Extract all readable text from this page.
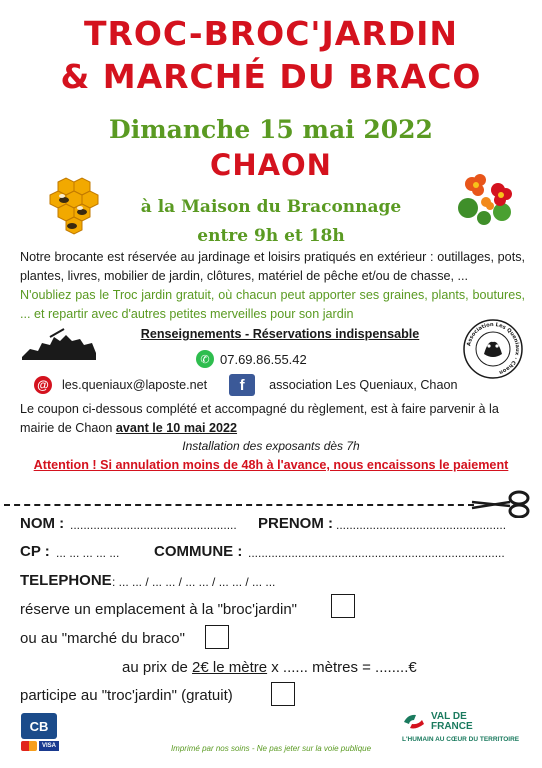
TROC-BROC'JARDIN
& MARCHÉ DU BRACO
Dimanche 15 mai 2022
CHAON
à la Maison du Braconnage
entre 9h et 18h

Notre brocante est réservée au jardinage et loisirs pratiqués en extérieur : outillages, pots, plantes, livres, mobilier de jardin, clôtures, matériel de pêche et/ou de chasse, ...

N'oubliez pas le Troc jardin gratuit, où chacun peut apporter ses graines, plants, boutures, ... et repartir avec d'autres petites merveilles pour son jardin

Renseignements - Réservations indispensable
✆ 07.69.86.55.42
@ les.queniaux@laposte.net	f	association Les Queniaux, Chaon
Association Les Queniaux · Chaon

Le coupon ci-dessous complété et accompagné du règlement, est à faire parvenir à la mairie de Chaon avant le 10 mai 2022

Installation des exposants dès 7h
Attention ! Si annulation moins de 48h à l'avance, nous encaissons le paiement
NOM : .................................................. PRENOM : ...................................................
CP : ... ... ... ... ... COMMUNE : .............................................................................
TELEPHONE : ... ... / ... ... / ... ... / ... ... / ... ...
réserve un emplacement à la "broc'jardin"
ou au "marché du braco"
au prix de 2€ le mètre x ...... mètres = ........€
participe au "troc'jardin" (gratuit)
CB
VISA	Imprimé par nos soins - Ne pas jeter sur la voie publique
VAL DE
FRANCE
L'HUMAIN AU CŒUR DU TERRITOIRE
